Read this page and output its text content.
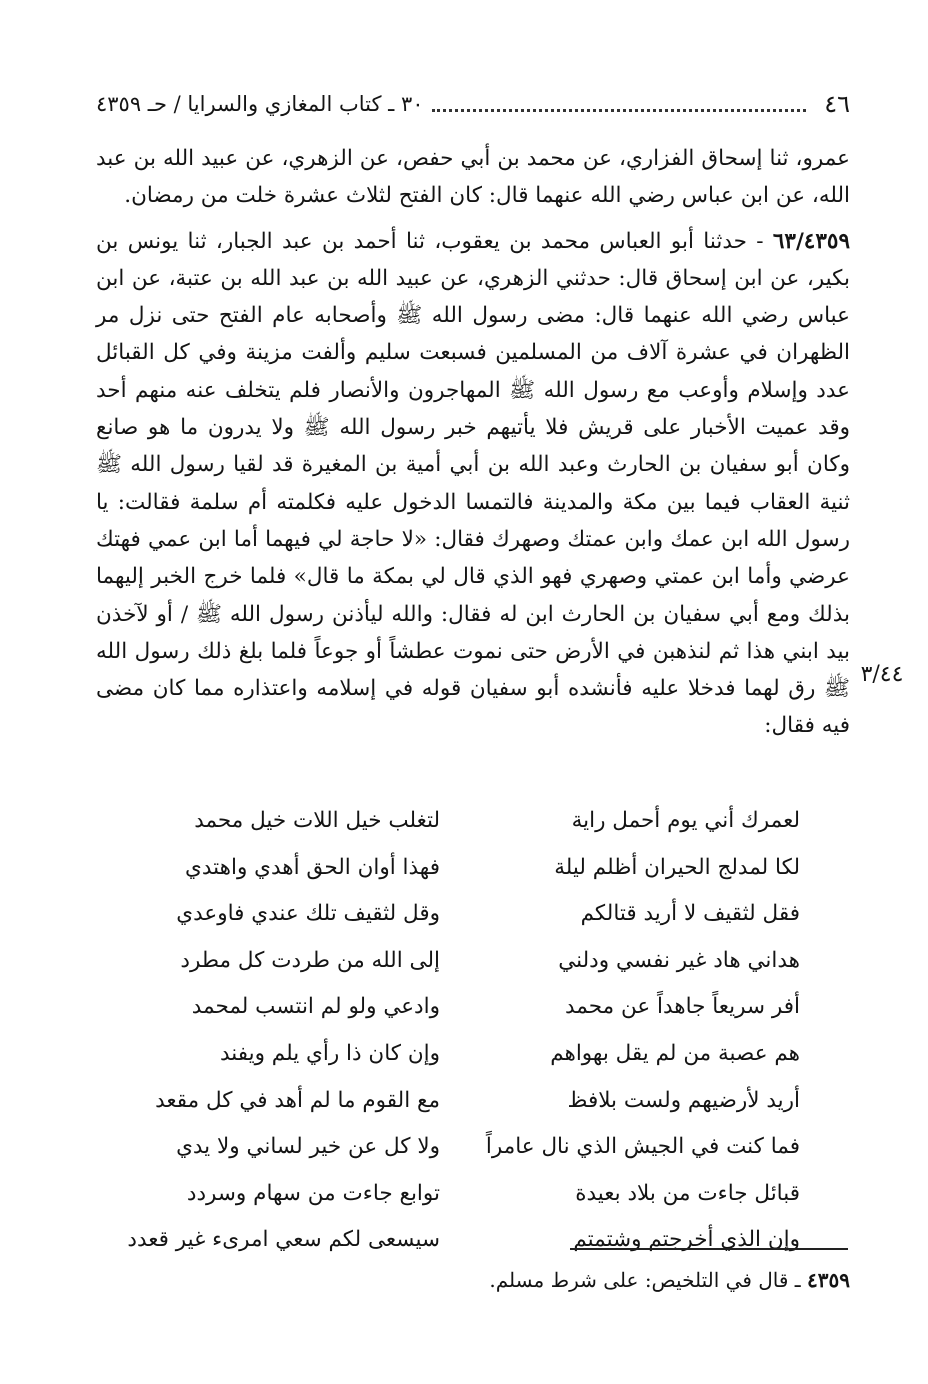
٤٦
٣٠ ـ كتاب المغازي والسرايا / حـ ٤٣٥٩

عمرو، ثنا إسحاق الفزاري، عن محمد بن أبي حفص، عن الزهري، عن عبيد الله بن عبد الله، عن ابن عباس رضي الله عنهما قال: كان الفتح لثلاث عشرة خلت من رمضان.

٦٣/٤٣٥٩ - حدثنا أبو العباس محمد بن يعقوب، ثنا أحمد بن عبد الجبار، ثنا يونس بن بكير، عن ابن إسحاق قال: حدثني الزهري، عن عبيد الله بن عبد الله بن عتبة، عن ابن عباس رضي الله عنهما قال: مضى رسول الله ﷺ وأصحابه عام الفتح حتى نزل مر الظهران في عشرة آلاف من المسلمين فسبعت سليم وألفت مزينة وفي كل القبائل عدد وإسلام وأوعب مع رسول الله ﷺ المهاجرون والأنصار فلم يتخلف عنه منهم أحد وقد عميت الأخبار على قريش فلا يأتيهم خبر رسول الله ﷺ ولا يدرون ما هو صانع وكان أبو سفيان بن الحارث وعبد الله بن أبي أمية بن المغيرة قد لقيا رسول الله ﷺ ثنية العقاب فيما بين مكة والمدينة فالتمسا الدخول عليه فكلمته أم سلمة فقالت: يا رسول الله ابن عمك وابن عمتك وصهرك فقال: «لا حاجة لي فيهما أما ابن عمي فهتك عرضي وأما ابن عمتي وصهري فهو الذي قال لي بمكة ما قال» فلما خرج الخبر إليهما بذلك ومع أبي سفيان بن الحارث ابن له فقال: والله ليأذنن رسول الله ﷺ / أو لآخذن بيد ابني هذا ثم لنذهبن في الأرض حتى نموت عطشاً أو جوعاً فلما بلغ ذلك رسول الله ﷺ رق لهما فدخلا عليه فأنشده أبو سفيان قوله في إسلامه واعتذاره مما كان مضى فيه فقال:

٣/٤٤
لعمرك أني يوم أحمل راية
لتغلب خيل اللات خيل محمد
لكا لمدلج الحيران أظلم ليلة
فهذا أوان الحق أهدي واهتدي
فقل لثقيف لا أريد قتالكم
وقل لثقيف تلك عندي فاوعدي
هداني هاد غير نفسي ودلني
إلى الله من طردت كل مطرد
أفر سريعاً جاهداً عن محمد
وادعي ولو لم انتسب لمحمد
هم عصبة من لم يقل بهواهم
وإن كان ذا رأي يلم ويفند
أريد لأرضيهم ولست بلافظ
مع القوم ما لم أهد في كل مقعد
فما كنت في الجيش الذي نال عامراً
ولا كل عن خير لساني ولا يدي
قبائل جاءت من بلاد بعيدة
توابع جاءت من سهام وسردد
وإن الذي أخرجتم وشتمتم
سيسعى لكم سعي امرىء غير قعدد
٤٣٥٩ ـ قال في التلخيص: على شرط مسلم.
